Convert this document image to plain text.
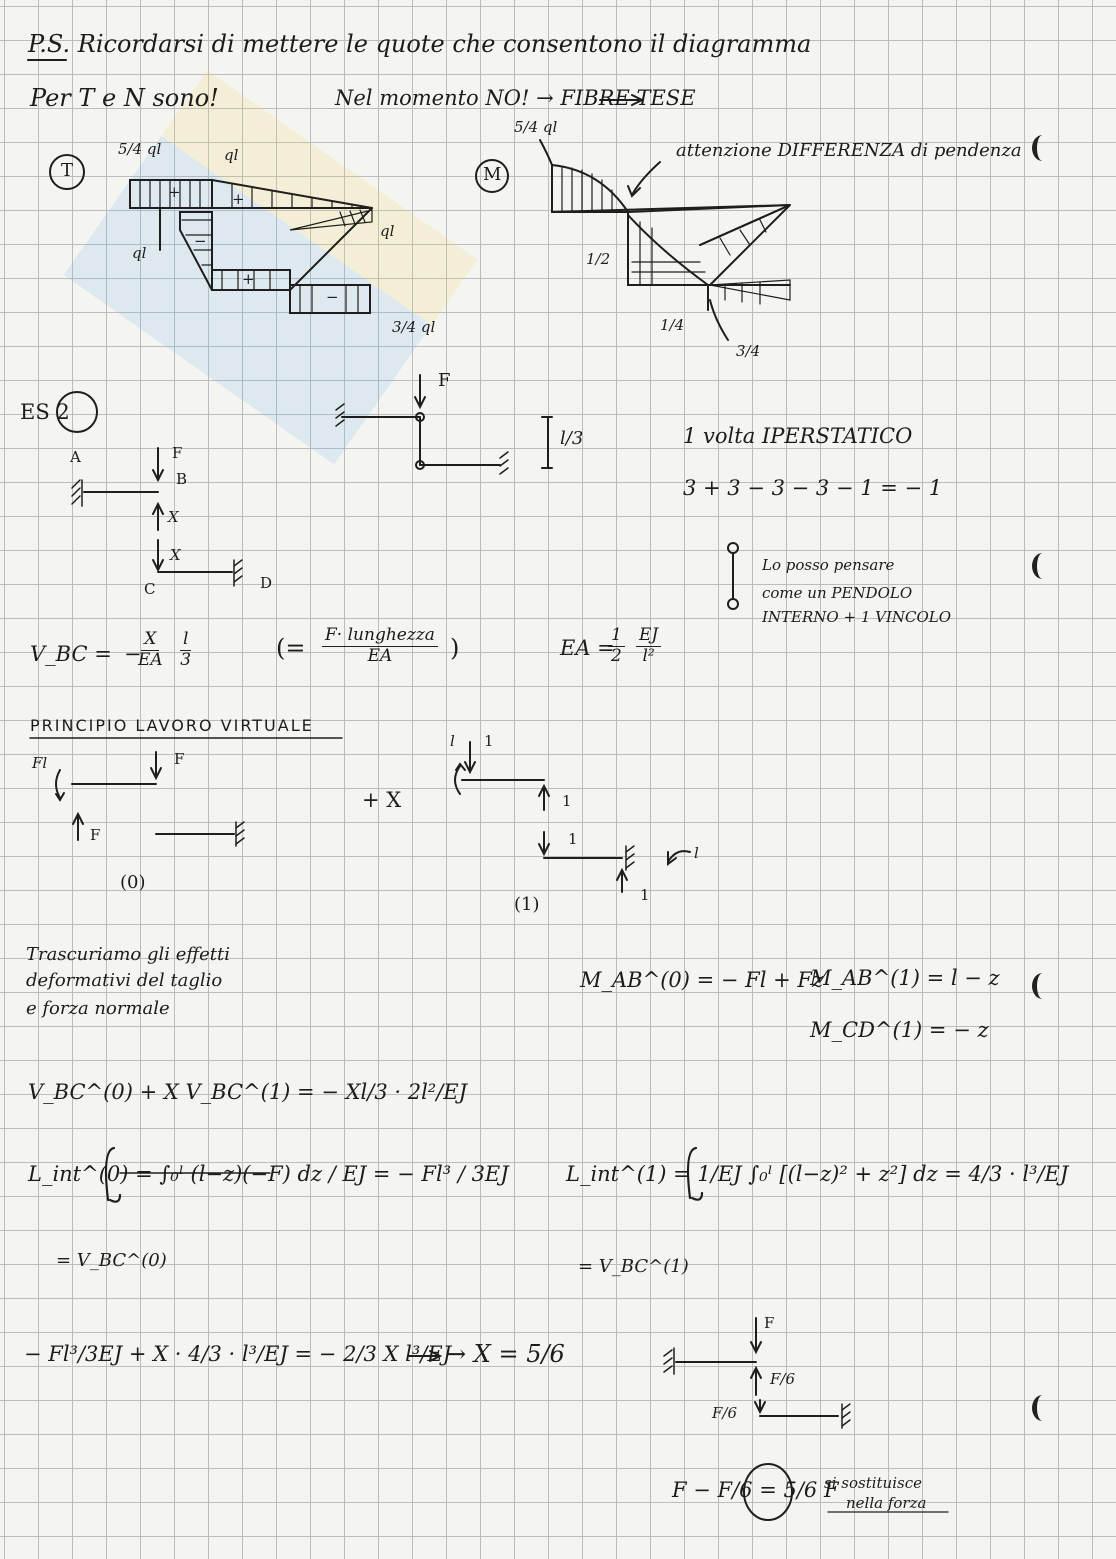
P.S. Ricordarsi di mettere le quote che consentono il diagramma
Per T e N sono!	Nel momento NO! → FIBRE TESE
T
5/4 ql	ql
ql
ql
3/4 ql
+	+
−
+
−
M
5/4 ql
attenzione DIFFERENZA di pendenza
1/2
1/4
3/4
ES 2
F
l/3	1 volta IPERSTATICO
3 + 3 − 3 − 3 − 1 = − 1
Lo posso pensare
come un PENDOLO
INTERNO + 1 VINCOLO
A
B
C	D
F
X
X
V_BC = −
$\frac{X}{EA} \frac{l}{3}$	(= F· lunghezza
EA )	EA =
$\frac{1}{2} \frac{EJ}{\text{l²}}$
PRINCIPIO LAVORO VIRTUALE
Fl	F
F
(0)
+ X
l 1
1
1
1
l
(1)
Trascuriamo gli effetti
deformativi del taglio
e forza normale
M_AB^(0) = − Fl + Fz
M_AB^(1) = l − z
M_CD^(1) = − z
V_BC^(0) + X V_BC^(1) = − Xl/3 · 2l²/EJ
L_int^(0) = ∫₀ˡ (l−z)(−F) dz / EJ = − Fl³ / 3EJ
= V_BC^(0)
L_int^(1) = 1/EJ ∫₀ˡ [(l−z)² + z²] dz = 4/3 · l³/EJ
= V_BC^(1)
− Fl³/3EJ + X · 4/3 · l³/EJ = − 2/3 X l³/EJ
→ X = 5/6
F
F/6
F/6
F − F/6 = 5/6 F
si sostituisce
nella forza
